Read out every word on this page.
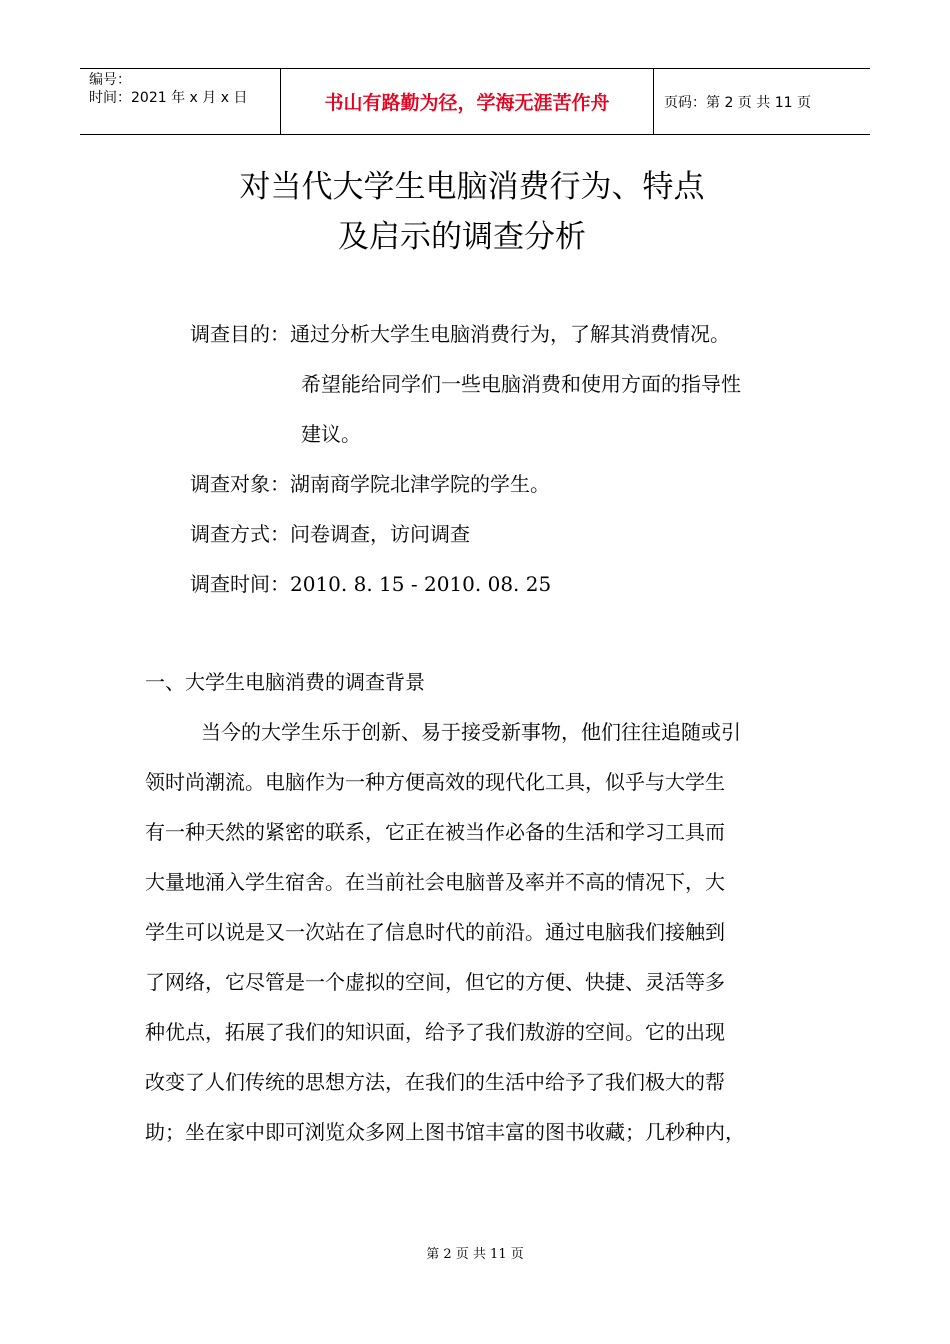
编号：
时间：2021 年 x 月 x 日	书山有路勤为径，学海无涯苦作舟	页码：第 2 页 共 11 页
对当代大学生电脑消费行为、特点
及启示的调查分析
调查目的：通过分析大学生电脑消费行为，了解其消费情况。
希望能给同学们一些电脑消费和使用方面的指导性
建议。
调查对象：湖南商学院北津学院的学生。
调查方式：问卷调查，访问调查
调查时间：2010. 8. 15 - 2010. 08. 25
一、大学生电脑消费的调查背景
当今的大学生乐于创新、易于接受新事物，他们往往追随或引
领时尚潮流。电脑作为一种方便高效的现代化工具，似乎与大学生
有一种天然的紧密的联系，它正在被当作必备的生活和学习工具而
大量地涌入学生宿舍。在当前社会电脑普及率并不高的情况下，大
学生可以说是又一次站在了信息时代的前沿。通过电脑我们接触到
了网络，它尽管是一个虚拟的空间，但它的方便、快捷、灵活等多
种优点，拓展了我们的知识面，给予了我们敖游的空间。它的出现
改变了人们传统的思想方法，在我们的生活中给予了我们极大的帮
助；坐在家中即可浏览众多网上图书馆丰富的图书收藏；几秒种内，
第 2 页 共 11 页
